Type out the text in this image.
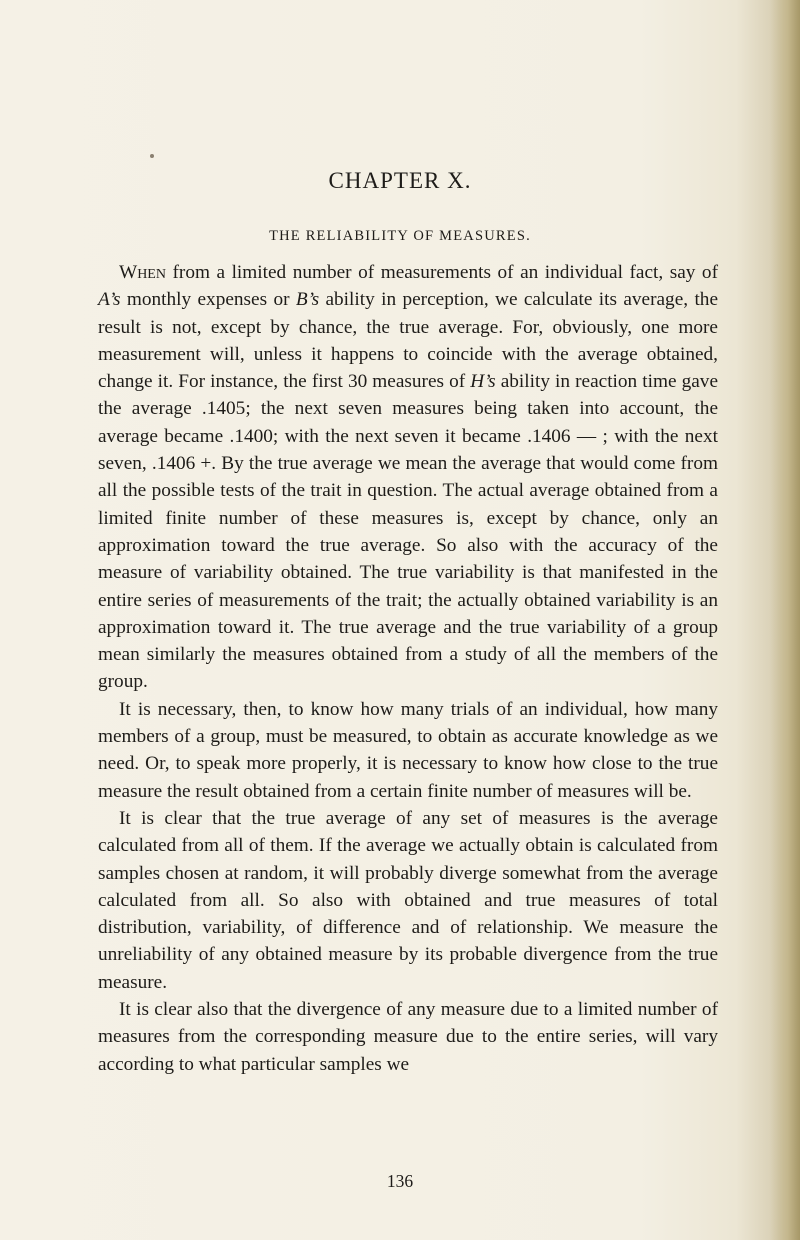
CHAPTER X.
THE RELIABILITY OF MEASURES.

When from a limited number of measurements of an individual fact, say of A’s monthly expenses or B’s ability in perception, we calculate its average, the result is not, except by chance, the true average. For, obviously, one more measurement will, unless it happens to coincide with the average obtained, change it. For instance, the first 30 measures of H’s ability in reaction time gave the average .1405; the next seven measures being taken into account, the average became .1400; with the next seven it became .1406 — ; with the next seven, .1406 +. By the true average we mean the average that would come from all the possible tests of the trait in question. The actual average obtained from a limited finite number of these measures is, except by chance, only an approximation toward the true average. So also with the accuracy of the measure of variability obtained. The true variability is that manifested in the entire series of measurements of the trait; the actually obtained variability is an approximation toward it. The true average and the true variability of a group mean similarly the measures obtained from a study of all the members of the group.

It is necessary, then, to know how many trials of an individual, how many members of a group, must be measured, to obtain as accurate knowledge as we need. Or, to speak more properly, it is necessary to know how close to the true measure the result obtained from a certain finite number of measures will be.

It is clear that the true average of any set of measures is the average calculated from all of them. If the average we actually obtain is calculated from samples chosen at random, it will probably diverge somewhat from the average calculated from all. So also with obtained and true measures of total distribution, variability, of difference and of relationship. We measure the unreliability of any obtained measure by its probable divergence from the true measure.

It is clear also that the divergence of any measure due to a limited number of measures from the corresponding measure due to the entire series, will vary according to what particular samples we

136
